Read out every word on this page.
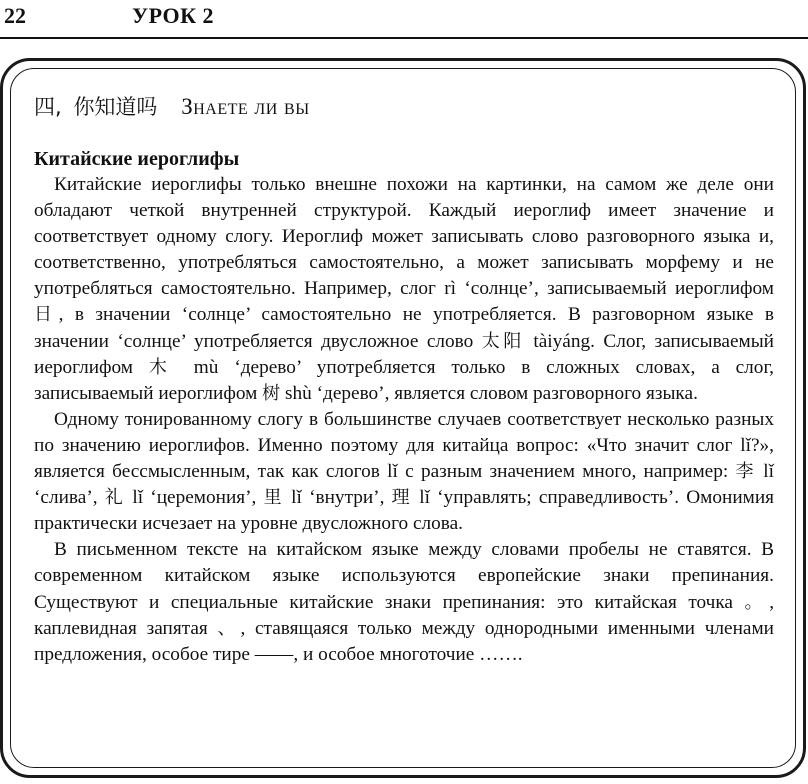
22	УРОК 2
四, 你知道吗 Знаете ли вы
Китайские иероглифы

Китайские иероглифы только внешне похожи на картинки, на самом же деле они обладают четкой внутренней структурой. Каждый иероглиф имеет значение и соответствует одному слогу. Иероглиф может записывать слово разговорного языка и, соответственно, употребляться самостоятельно, а может записывать морфему и не употребляться самостоятельно. Например, слог rì ‘солнце’, записываемый иероглифом 日, в значении ‘солнце’ самостоятельно не употребляется. В разговорном языке в значении ‘солнце’ употребляется двусложное слово 太阳 tàiyáng. Слог, записываемый иероглифом 木 mù ‘дерево’ употребляется только в сложных словах, а слог, записываемый иероглифом 树 shù ‘дерево’, является словом разговорного языка.

Одному тонированному слогу в большинстве случаев соответствует несколько разных по значению иероглифов. Именно поэтому для китайца вопрос: «Что значит слог lǐ?», является бессмысленным, так как слогов lǐ с разным значением много, например: 李 lǐ ‘слива’, 礼 lǐ ‘церемония’, 里 lǐ ‘внутри’, 理 lǐ ‘управлять; справедливость’. Омонимия практически исчезает на уровне двусложного слова.

В письменном тексте на китайском языке между словами пробелы не ставятся. В современном китайском языке используются европейские знаки препинания. Существуют и специальные китайские знаки препинания: это китайская точка 。, каплевидная запятая 、, ставящаяся только между однородными именными членами предложения, особое тире ——, и особое многоточие …….
